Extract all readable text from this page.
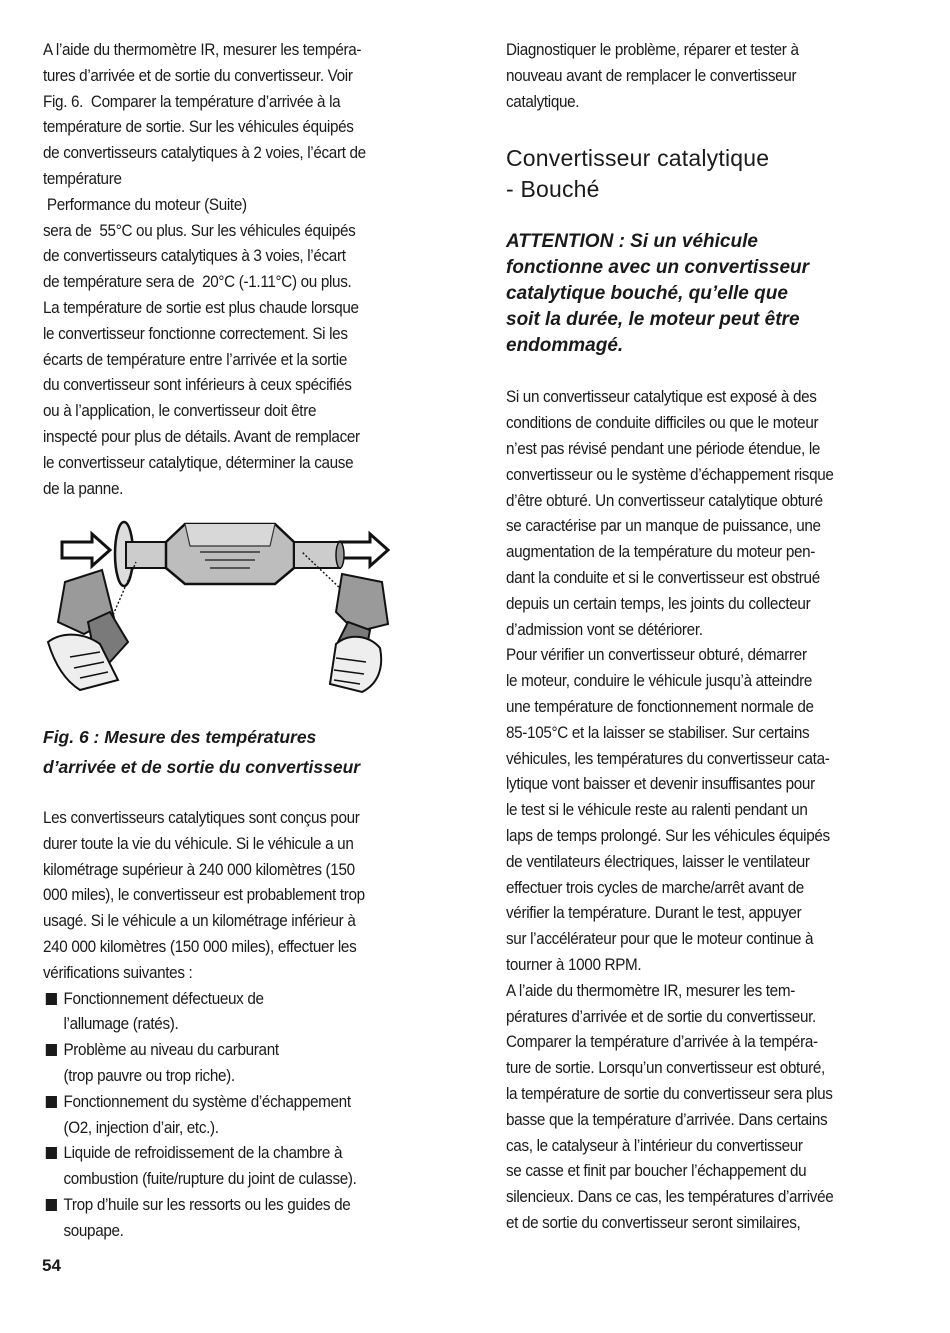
A l’aide du thermomètre IR, mesurer les tempéra-

tures d’arrivée et de sortie du convertisseur. Voir

Fig. 6.  Comparer la température d’arrivée à la

température de sortie. Sur les véhicules équipés

de convertisseurs catalytiques à 2 voies, l’écart de

température

Performance du moteur (Suite)

sera de  55°C ou plus. Sur les véhicules équipés

de convertisseurs catalytiques à 3 voies, l’écart

de température sera de  20°C (-1.11°C) ou plus.

La température de sortie est plus chaude lorsque

le convertisseur fonctionne correctement. Si les

écarts de température entre l’arrivée et la sortie

du convertisseur sont inférieurs à ceux spécifiés

ou à l’application, le convertisseur doit être

inspecté pour plus de détails. Avant de remplacer

le convertisseur catalytique, déterminer la cause

de la panne.

Fig. 6 : Mesure des températures

d’arrivée et de sortie du convertisseur

Les convertisseurs catalytiques sont conçus pour

durer toute la vie du véhicule. Si le véhicule a un

kilométrage supérieur à 240 000 kilomètres (150

000 miles), le convertisseur est probablement trop

usagé. Si le véhicule a un kilométrage inférieur à

240 000 kilomètres (150 000 miles), effectuer les

vérifications suivantes :

Fonctionnement défectueux de

l’allumage (ratés).

Problème au niveau du carburant

(trop pauvre ou trop riche).

Fonctionnement du système d’échappement

(O2, injection d’air, etc.).

Liquide de refroidissement de la chambre à

combustion (fuite/rupture du joint de culasse).

Trop d’huile sur les ressorts ou les guides de

soupape.

Diagnostiquer le problème, réparer et tester à

nouveau avant de remplacer le convertisseur

catalytique.

Convertisseur catalytique
- Bouché

ATTENTION : Si un véhicule

fonctionne avec un convertisseur

catalytique bouché, qu’elle que

soit la durée, le moteur peut être

endommagé.

Si un convertisseur catalytique est exposé à des

conditions de conduite difficiles ou que le moteur

n’est pas révisé pendant une période étendue, le

convertisseur ou le système d’échappement risque

d’être obturé. Un convertisseur catalytique obturé

se caractérise par un manque de puissance, une

augmentation de la température du moteur pen-

dant la conduite et si le convertisseur est obstrué

depuis un certain temps, les joints du collecteur

d’admission vont se détériorer.

Pour vérifier un convertisseur obturé, démarrer

le moteur, conduire le véhicule jusqu’à atteindre

une température de fonctionnement normale de

85-105°C et la laisser se stabiliser. Sur certains

véhicules, les températures du convertisseur cata-

lytique vont baisser et devenir insuffisantes pour

le test si le véhicule reste au ralenti pendant un

laps de temps prolongé. Sur les véhicules équipés

de ventilateurs électriques, laisser le ventilateur

effectuer trois cycles de marche/arrêt avant de

vérifier la température. Durant le test, appuyer

sur l’accélérateur pour que le moteur continue à

tourner à 1000 RPM.

A l’aide du thermomètre IR, mesurer les tem-

pératures d’arrivée et de sortie du convertisseur.

Comparer la température d’arrivée à la tempéra-

ture de sortie. Lorsqu’un convertisseur est obturé,

la température de sortie du convertisseur sera plus

basse que la température d’arrivée. Dans certains

cas, le catalyseur à l’intérieur du convertisseur

se casse et finit par boucher l’échappement du

silencieux. Dans ce cas, les températures d’arrivée

et de sortie du convertisseur seront similaires,

54
